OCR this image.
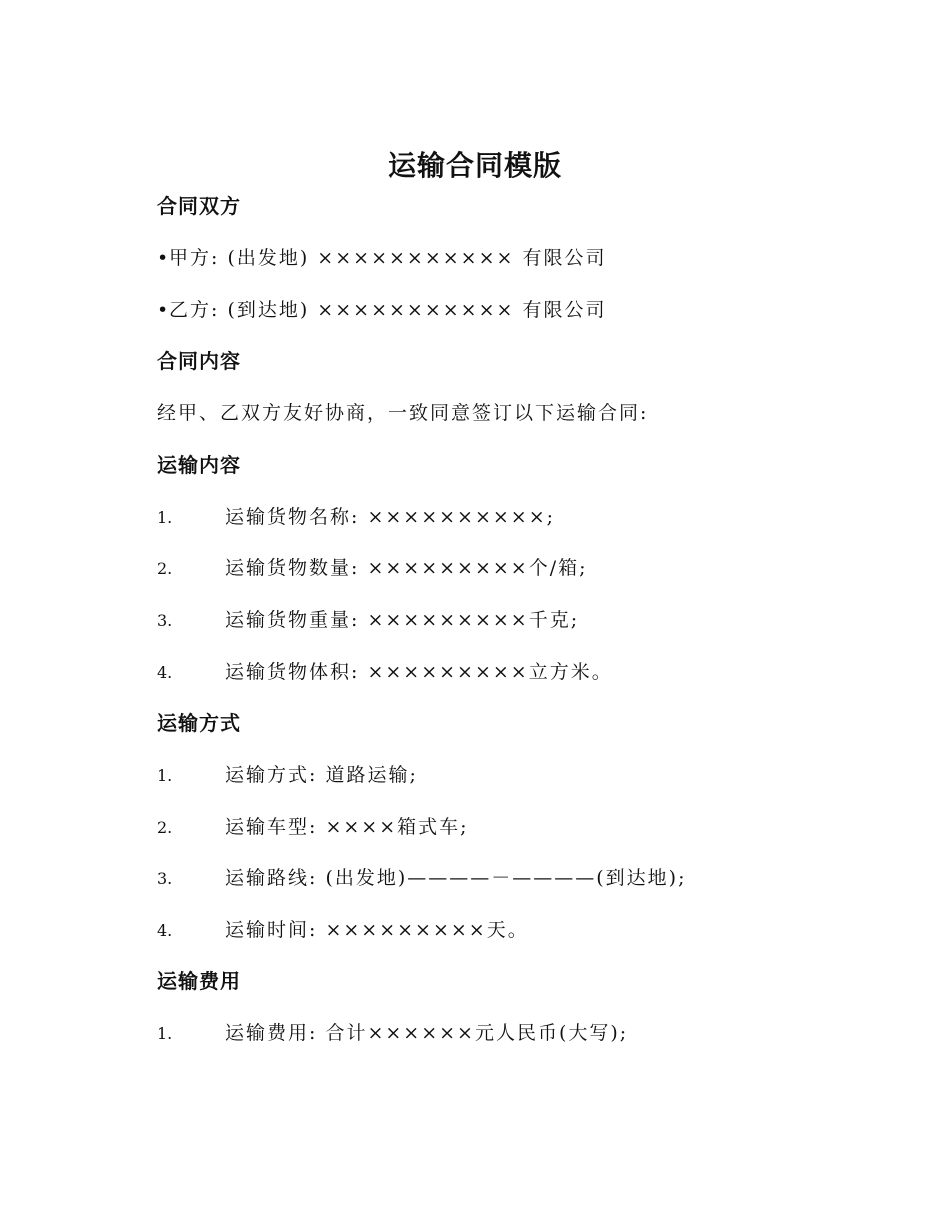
运输合同模版
合同双方
•甲方: (出发地) ××××××××××× 有限公司
•乙方: (到达地) ××××××××××× 有限公司
合同内容
经甲、乙双方友好协商，一致同意签订以下运输合同:
运输内容
1.	运输货物名称: ××××××××××;
2.	运输货物数量: ×××××××××个/箱;
3.	运输货物重量: ×××××××××千克;
4.	运输货物体积: ×××××××××立方米。
运输方式
1.	运输方式: 道路运输;
2.	运输车型: ××××箱式车;
3.	运输路线: (出发地)————－————(到达地);
4.	运输时间: ×××××××××天。
运输费用
1.	运输费用: 合计××××××元人民币(大写);
